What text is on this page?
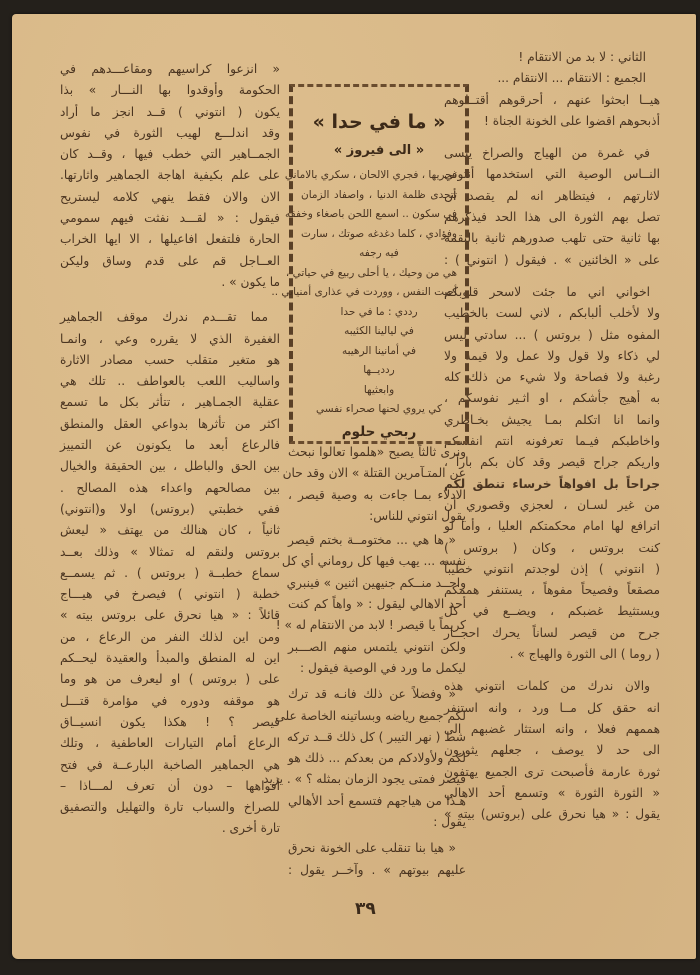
الثاني : لا بد من الانتقام !

الجميع : الانتقام ... الانتقام ...

هيــا ابحثوا عنهم ، أحرقوهم أقتــلوهم
أذبحوهم اقضوا على الخونة الجناة !

في غمرة من الهياج والصراخ ينسى
النــاس الوصية التي استخدمها أنتوني
لاثارتهم ، فيتظاهر انه لم يقصد أن
تصل بهم الثورة الى هذا الحد فيذكرهم
بها ثانية حتى تلهب صدورهم ثانية بالنقمة
على « الخائنين » . فيقول ( انتوني ) :

اخواني اني ما جئت لاسحر قلوبكم
ولا لأخلب ألبابكم ، لاني لست بالخطيب
المفوه مثل ( بروتس ) ... سادتي ليس
لي ذكاء ولا قول ولا عمل ولا قيمة ولا
رغبة ولا فصاحة ولا شيء من ذلك كله
به أهيج جأشكم ، او اثـير نفوسكم ،
وانما انا اتكلم بمـا يجيش بخـاطري
واخاطبكم فيـما تعرفونه انتم انفسكم
واريكم جراح قيصر وقد كان بكم باراً ،
جراحاً بل افواهاً خرساء تنطق لكم
من غير لسـان ، لعجزي وقصوري أن
اترافع لها امام محكمتكم العليا ، وأما لو
كنت بروتس ، وكان ( بروتس )
( انتوني ) إذن لوجدتم انتوني خطيباً
مصقعاً وفصيحاً مفوهاً ، يستنفر هممكم
ويستثيط غضبكم ، ويضــع في كل
جرح من قيصر لساناً يحرك احجــار
( روما ) الى الثورة والهياج » .

والان ندرك من كلمات انتوني هذه
انه حقق كل مــا ورد ، وانه استنفر
هممهم فعلا ، وانه استثار غضبهم الى
الى حد لا يوصف ، جعلهم يثورون
ثورة عارمة فأصبحت ترى الجميع يهتفون
« الثورة الثورة » وتسمع أحد الاهالي
يقول : « هيا نحرق على (بروتس) بيته »

« ما في حدا »
« الى فيروز »
فجريها ، فجري الالحان ، سكري بالاماني
تتحدى ظلمة الدنيا ، واصفاد الزمان
في سكون .. اسمع اللحن باصغاء وخفقه
وفؤادي ، كلما دغدغه صوتك ، سارت
فيه رجفه
هي من وحيك ، يا أحلى ربيع في حياتي ،
أحيت النفس ، ووردت في عذارى أمنياتي ..
رددي : ما في حدا
في ليالينا الكئيبه
في أمانينا الرهيبه
رددیــها
وابعثيها
كي يروي لحنها صحراء نفسي
ربحي حلوم

ونرى ثالثاً يصيح «هلموا تعالوا نبحث
عن المتـآمرين القتلة » الان وقد حان
الادلاء بمـا جاءت به وصية قيصر ،
يقول انتوني للناس:

« ها هي ... مختومــة بختم قيصر
نفسه ... يهب فيها كل روماني أي كل
واحــد منــكم جنيهين اثنين » فينبري
أحد الاهالي ليقول : « واهاً كم كنت
كريماً يا قيصر ! لابد من الانتقام له » !
ولكن انتوني يلتمس منهم الصـــبر
ليكمل ما ورد في الوصية فيقول :

« وفضلاً عن ذلك فانـه قد ترك
لكم جميع رياضه وبساتينه الخاصة على
شط ( نهر التيبر ) كل ذلك قــد تركه
لكم ولأولادكم من بعدكم ... ذلك هو
قيصر فمتى يجود الزمان بمثله ؟ » . يزيد
هـذا من هياجهم فتسمع أحد الأهالي
يقول :

« هيا بنا تنقلب على الخونة نحرق
عليهم بيوتهم » . وآخــر يقول :

« انزعوا كراسيهم ومقاعـــدهم في
الحكومة وأوقدوا بها النـــار » بذا
يكون ( انتوني ) قــد انجز ما أراد
وقد اندلـــع لهيب الثورة في نفوس
الجمــاهير التي خطب فيها ، وقــد كان
على علم بكيفية اهاجة الجماهير واثارتها.
الان والان فقط ينهي كلامه ليستريح
فيقول : « لقـــد نفثت فيهم سمومي
الحارة فلتفعل افاعيلها ، الا ايها الخراب
العــاجل قم على قدم وساق وليكن
ما يكون » .

مما تقـــدم ندرك موقف الجماهير
الغفيرة الذي لا يقرره وعي ، وانمـا
هو متغير متقلب حسب مصادر الاثارة
واساليب اللعب بالعواطف .. تلك هي
عقلية الجمـاهير ، تتأثر بكل ما تسمع
اكثر من تأثرها بدواعي العقل والمنطق
فالرعاع أبعد ما يكونون عن التمييز
بين الحق والباطل ، بين الحقيقة والخيال
بين مصالحهم واعداء هذه المصالح .
ففي خطبتي (بروتس) اولا و(انتوني)
ثانياً ، كان هنالك من يهتف « ليعش
بروتس ولنقم له تمثالا » وذلك بعــد
سماع خطبــة ( بروتس ) . ثم يسمــع
خطبة ( انتوني ) فيصرخ في هيـــاج
قائلاً : « هيا نحرق على بروتس بيته »
ومن اين لذلك النفر من الرعاع ، من
اين له المنطق والمبدأ والعقيدة ليحــكم
على ( بروتس ) او ليعرف من هو وما
هو موقفه ودوره في مؤامرة قتـــل
قيصر ؟ ! هكذا يكون انسيــاق
الرعاع أمام التيارات العاطفية ، وتلك
هي الجماهير الصاخبة البارعــة في فتح
أفواهها – دون أن تعرف لمـــاذا –
للصراخ والسباب تارة والتهليل والتصفيق
تارة أخرى .

٣٩
